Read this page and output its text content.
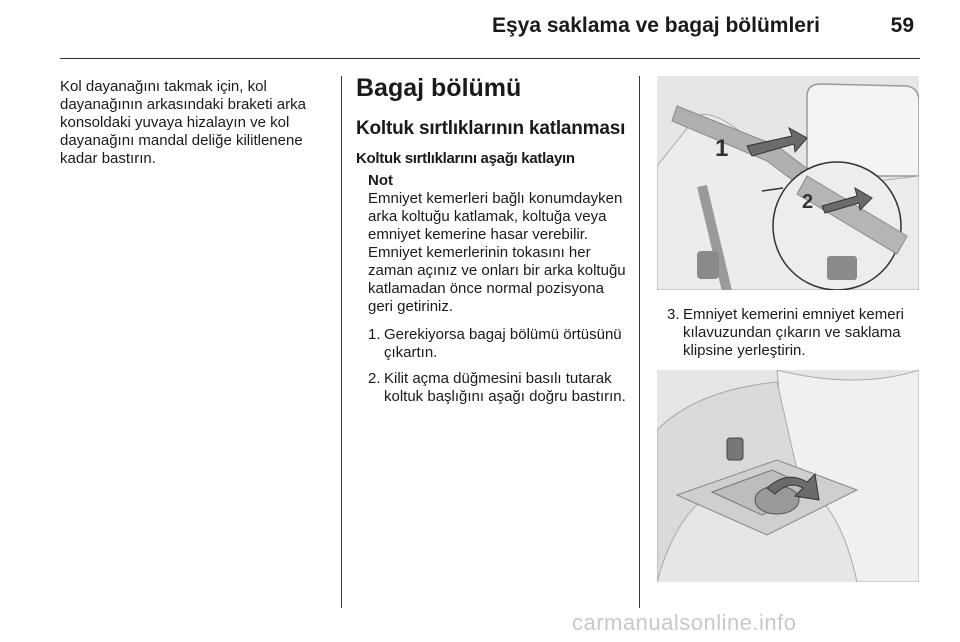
Eşya saklama ve bagaj bölümleri	59
Kol dayanağını takmak için, kol dayanağının arkasındaki braketi arka konsoldaki yuvaya hizalayın ve kol dayanağını mandal deliğe kilitlenene kadar bastırın.
Bagaj bölümü
Koltuk sırtlıklarının katlanması
Koltuk sırtlıklarını aşağı katlayın
Not
Emniyet kemerleri bağlı konumdayken arka koltuğu katlamak, koltuğa veya emniyet kemerine hasar verebilir. Emniyet kemerlerinin tokasını her zaman açınız ve onları bir arka koltuğu katlamadan önce normal pozisyona geri getiriniz.
1. Gerekiyorsa bagaj bölümü örtüsünü çıkartın.
2. Kilit açma düğmesini basılı tutarak koltuk başlığını aşağı doğru bastırın.
1
2
3. Emniyet kemerini emniyet kemeri kılavuzundan çıkarın ve saklama klipsine yerleştirin.
carmanualsonline.info
